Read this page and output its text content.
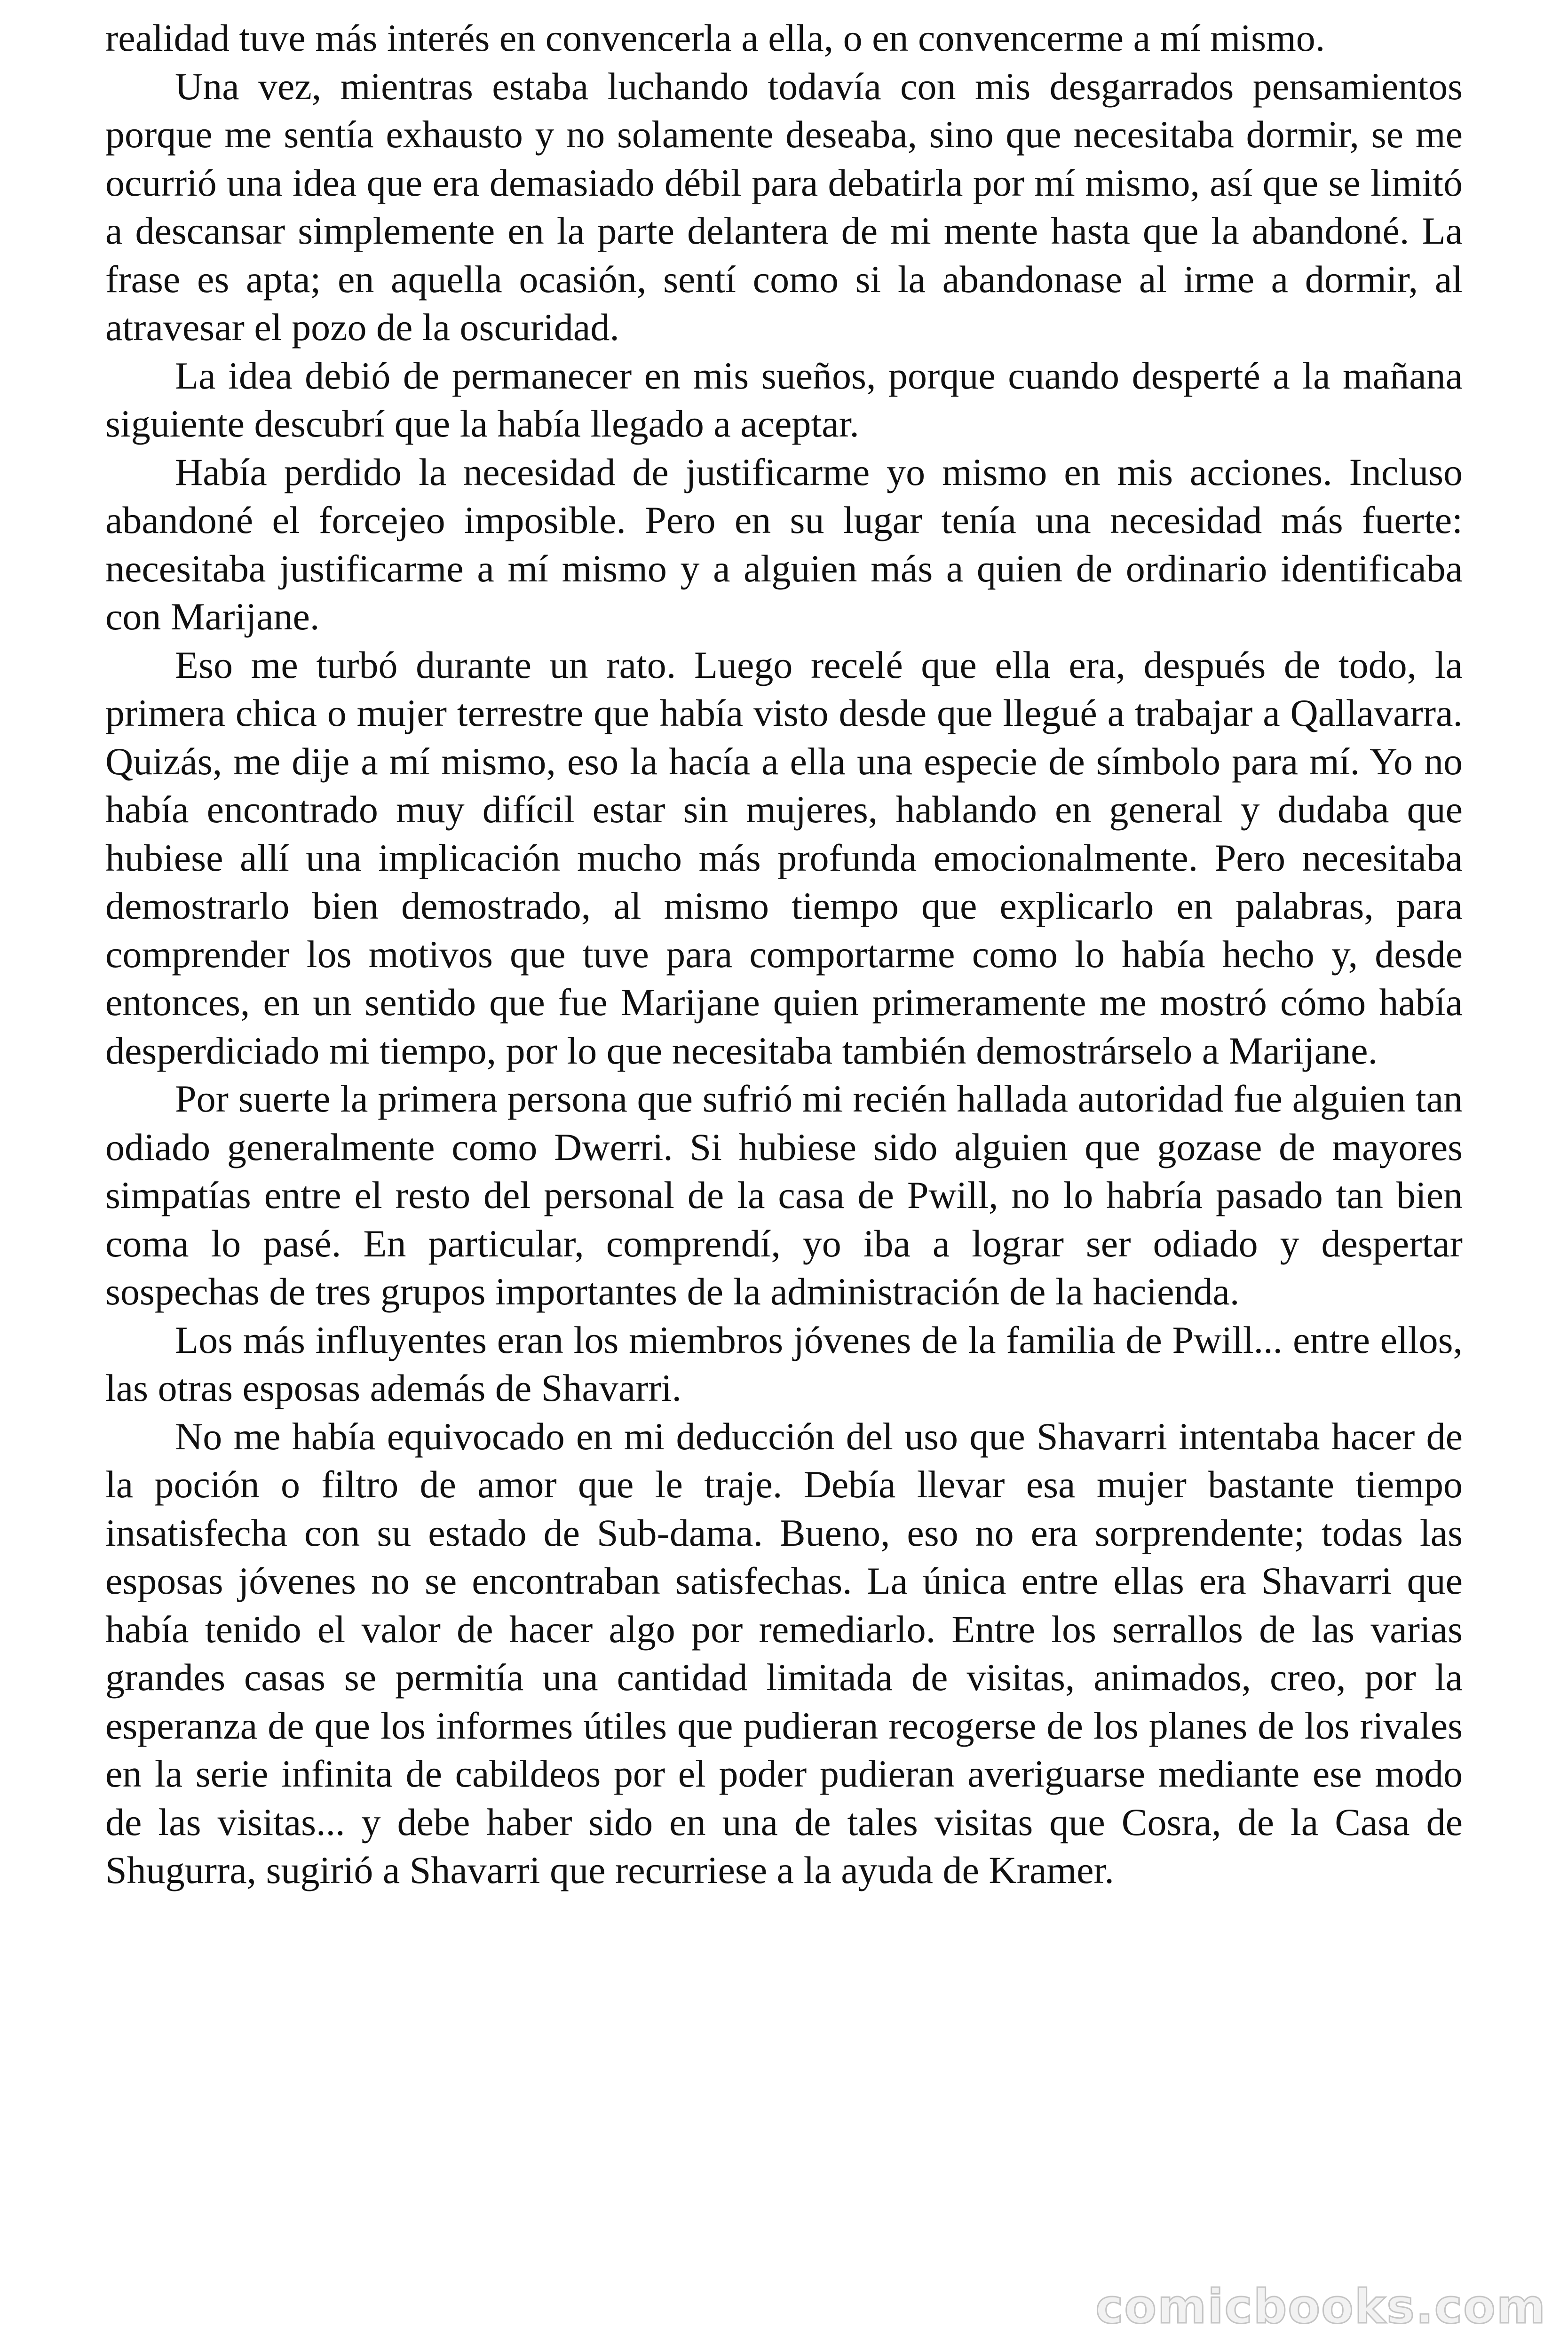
realidad tuve más interés en convencerla a ella, o en convencerme a mí mismo.

Una vez, mientras estaba luchando todavía con mis desgarrados pensamientos porque me sentía exhausto y no solamente deseaba, sino que necesitaba dormir, se me ocurrió una idea que era demasiado débil para debatirla por mí mismo, así que se limitó a descansar simplemente en la parte delantera de mi mente hasta que la abandoné. La frase es apta; en aquella ocasión, sentí como si la abandonase al irme a dormir, al atravesar el pozo de la oscuridad.

La idea debió de permanecer en mis sueños, porque cuando desperté a la mañana siguiente descubrí que la había llegado a aceptar.

Había perdido la necesidad de justificarme yo mismo en mis acciones. Incluso abandoné el forcejeo imposible. Pero en su lugar tenía una necesidad más fuerte: necesitaba justificarme a mí mismo y a alguien más a quien de ordinario identificaba con Marijane.

Eso me turbó durante un rato. Luego recelé que ella era, después de todo, la primera chica o mujer terrestre que había visto desde que llegué a trabajar a Qallavarra. Quizás, me dije a mí mismo, eso la hacía a ella una especie de símbolo para mí. Yo no había encontrado muy difícil estar sin mujeres, hablando en general y dudaba que hubiese allí una implicación mucho más profunda emocionalmente. Pero necesitaba demostrarlo bien demostrado, al mismo tiempo que explicarlo en palabras, para comprender los motivos que tuve para comportarme como lo había hecho y, desde entonces, en un sentido que fue Marijane quien primeramente me mostró cómo había desperdiciado mi tiempo, por lo que necesitaba también demostrárselo a Marijane.

Por suerte la primera persona que sufrió mi recién hallada autoridad fue alguien tan odiado generalmente como Dwerri. Si hubiese sido alguien que gozase de mayores simpatías entre el resto del personal de la casa de Pwill, no lo habría pasado tan bien coma lo pasé. En particular, comprendí, yo iba a lograr ser odiado y despertar sospechas de tres grupos importantes de la administración de la hacienda.

Los más influyentes eran los miembros jóvenes de la familia de Pwill... entre ellos, las otras esposas además de Shavarri.

No me había equivocado en mi deducción del uso que Shavarri intentaba hacer de la poción o filtro de amor que le traje. Debía llevar esa mujer bastante tiempo insatisfecha con su estado de Sub-dama. Bueno, eso no era sorprendente; todas las esposas jóvenes no se encontraban satisfechas. La única entre ellas era Shavarri que había tenido el valor de hacer algo por remediarlo. Entre los serrallos de las varias grandes casas se permitía una cantidad limitada de visitas, animados, creo, por la esperanza de que los informes útiles que pudieran recogerse de los planes de los rivales en la serie infinita de cabildeos por el poder pudieran averiguarse mediante ese modo de las visitas... y debe haber sido en una de tales visitas que Cosra, de la Casa de Shugurra, sugirió a Shavarri que recurriese a la ayuda de Kramer.

comicbooks.com
